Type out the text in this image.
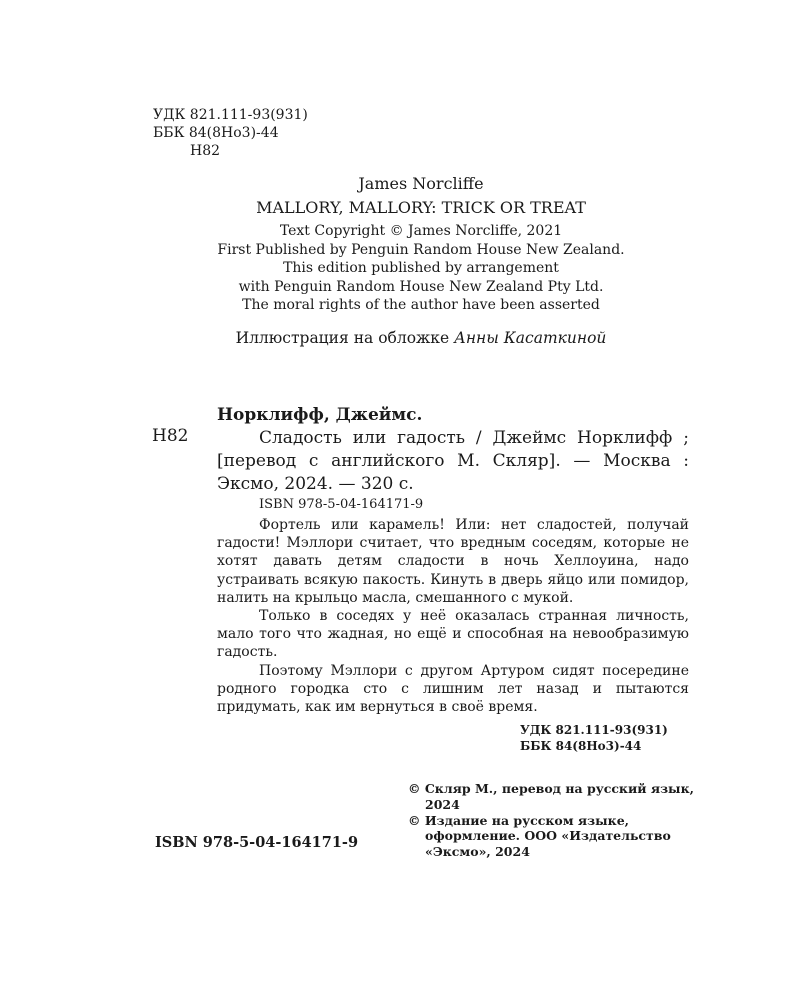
УДК 821.111-93(931)
ББК 84(8Но3)-44
Н82
James Norcliffe
MALLORY, MALLORY: TRICK OR TREAT
Text Copyright © James Norcliffe, 2021
First Published by Penguin Random House New Zealand.
This edition published by arrangement
with Penguin Random House New Zealand Pty Ltd.
The moral rights of the author have been asserted
Иллюстрация на обложке Анны Касаткиной
Н82
Норклифф, Джеймс.
Сладость или гадость / Джеймс Норклифф ; [перевод с английского М. Скляр]. — Москва : Эксмо, 2024. — 320 с.
ISBN 978-5-04-164171-9

Фортель или карамель! Или: нет сладостей, получай гадости! Мэллори считает, что вредным соседям, которые не хотят давать детям сладости в ночь Хеллоуина, надо устраивать всякую пакость. Кинуть в дверь яйцо или помидор, налить на крыльцо масла, смешанного с мукой.

Только в соседях у неё оказалась странная личность, мало того что жадная, но ещё и способная на невообразимую гадость.

Поэтому Мэллори с другом Артуром сидят посередине родного городка сто с лишним лет назад и пытаются придумать, как им вернуться в своё время.

УДК 821.111-93(931)
ББК 84(8Но3)-44
© Скляр М., перевод на русский язык, 2024
© Издание на русском языке, оформление. ООО «Издательство «Эксмо», 2024
ISBN 978-5-04-164171-9
